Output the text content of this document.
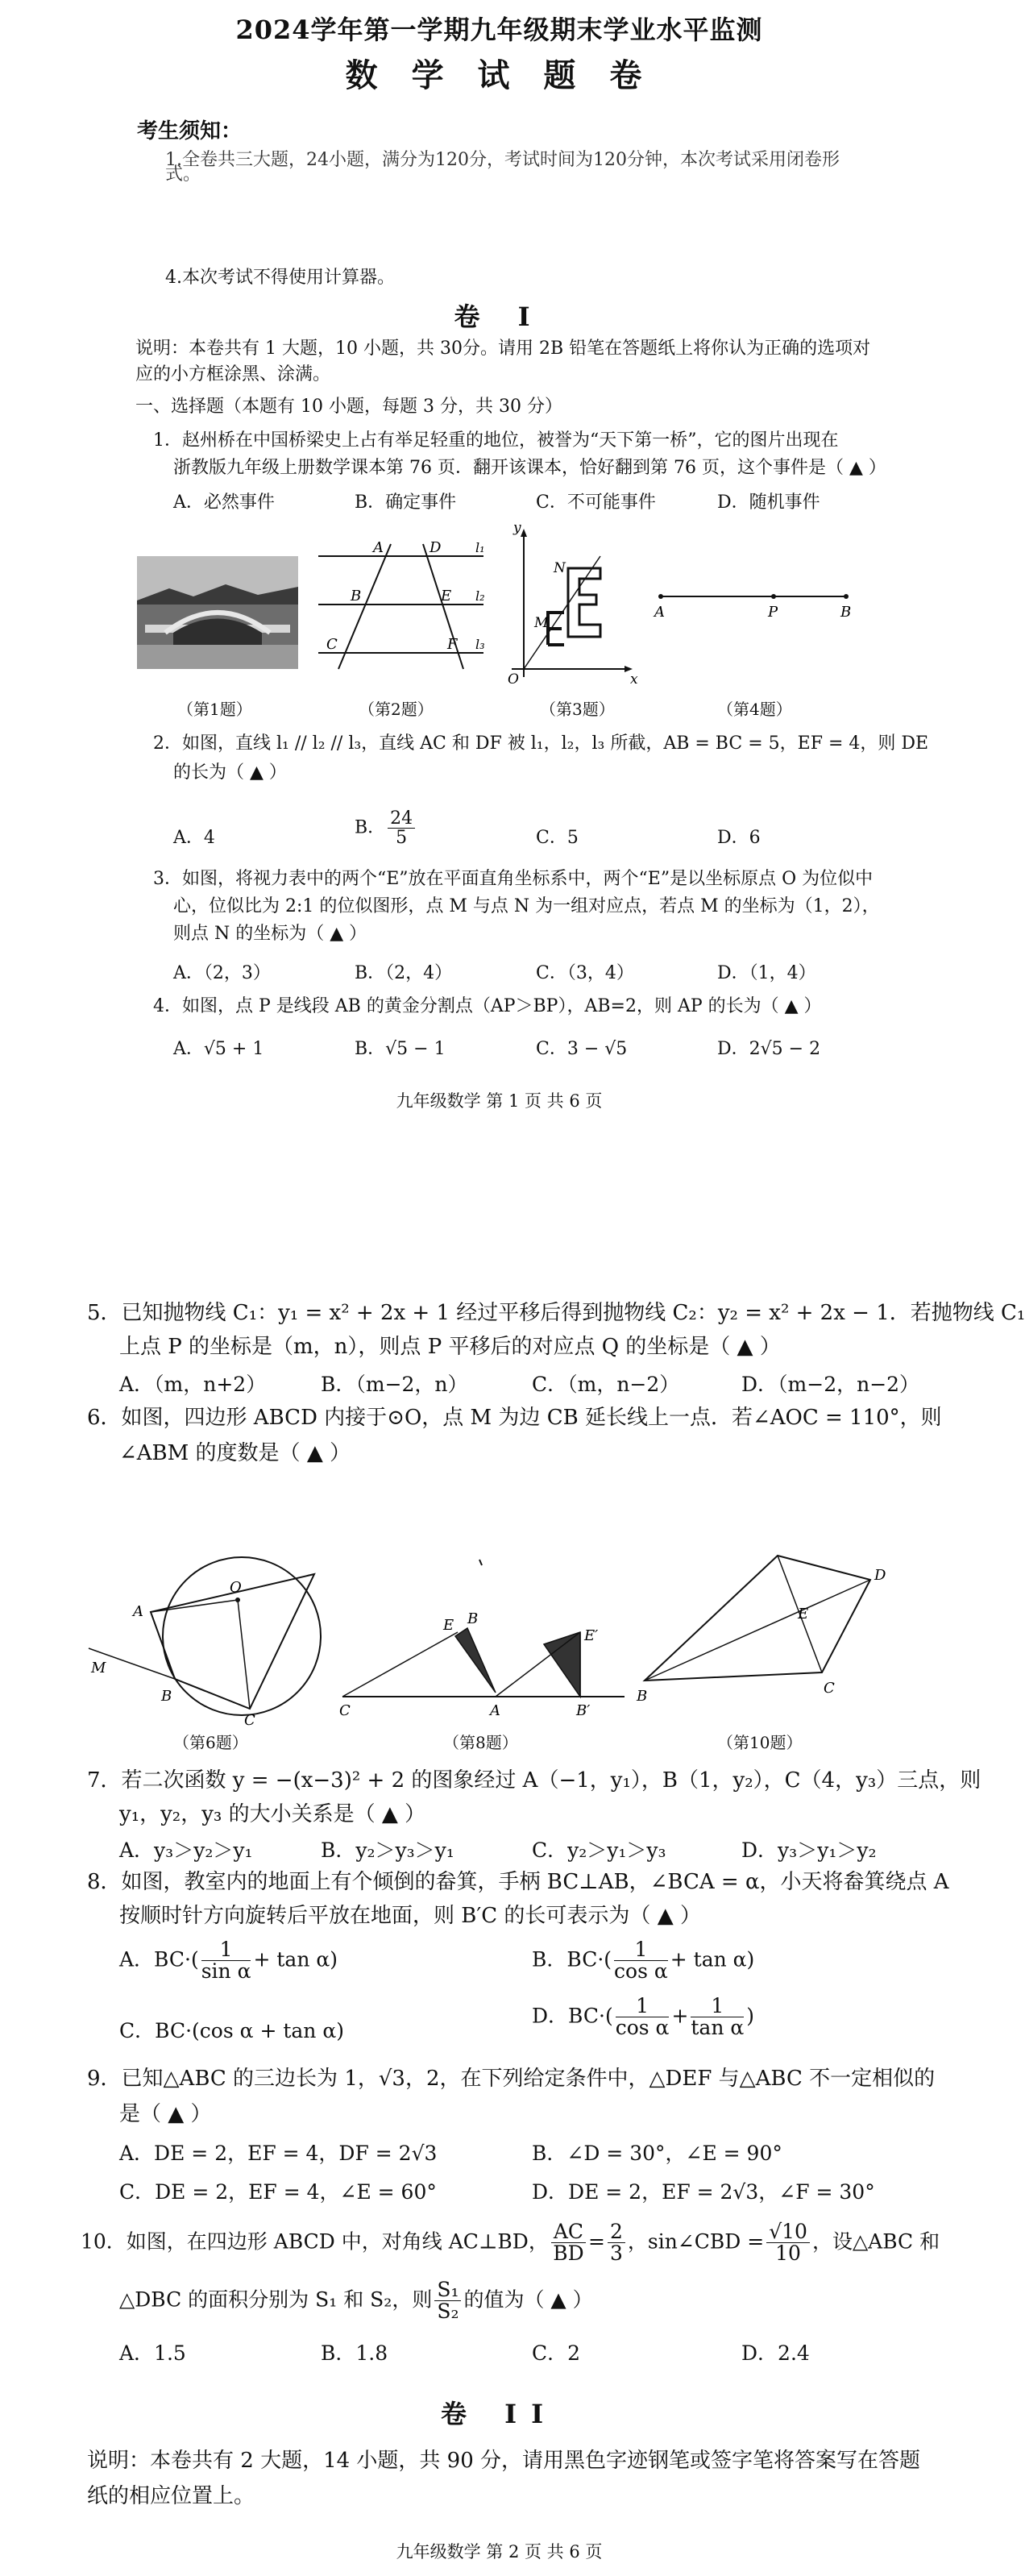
2024学年第一学期九年级期末学业水平监测
数 学 试 题 卷
考生须知：
1.全卷共三大题，24小题，满分为120分，考试时间为120分钟，本次考试采用闭卷形式。
4.本次考试不得使用计算器。
卷 I
说明：本卷共有 1 大题，10 小题，共 30分。请用 2B 铅笔在答题纸上将你认为正确的选项对
应的小方框涂黑、涂满。
一、选择题（本题有 10 小题，每题 3 分，共 30 分）
1．赵州桥在中国桥梁史上占有举足轻重的地位，被誉为“天下第一桥”，它的图片出现在
浙教版九年级上册数学课本第 76 页．翻开该课本，恰好翻到第 76 页，这个事件是（ ▲ ）
A．必然事件	B．确定事件	C．不可能事件	D．随机事件
A	D
B	E
C	F
l₁
l₂
l₃
y
x
O
M
N
A	P	B
（第1题）	（第2题）	（第3题）	（第4题）
2．如图，直线 l₁ // l₂ // l₃，直线 AC 和 DF 被 l₁，l₂，l₃ 所截，AB = BC = 5，EF = 4，则 DE
的长为（ ▲ ）
A．4	B． $\frac{24}{5}$	C．5	D．6
3．如图，将视力表中的两个“E”放在平面直角坐标系中，两个“E”是以坐标原点 O 为位似中
心，位似比为 2:1 的位似图形，点 M 与点 N 为一组对应点，若点 M 的坐标为（1，2），
则点 N 的坐标为（ ▲ ）
A．（2，3）	B．（2，4）	C．（3，4）	D．（1，4）
4．如图，点 P 是线段 AB 的黄金分割点（AP＞BP），AB=2，则 AP 的长为（ ▲ ）
A．√5 + 1	B．√5 − 1	C．3 − √5	D．2√5 − 2
九年级数学 第 1 页 共 6 页
5．已知抛物线 C₁：y₁ = x² + 2x + 1 经过平移后得到抛物线 C₂：y₂ = x² + 2x − 1．若抛物线 C₁
上点 P 的坐标是（m，n），则点 P 平移后的对应点 Q 的坐标是（ ▲ ）
A．（m，n+2）	B．（m−2，n）	C．（m，n−2）	D．（m−2，n−2）
6．如图，四边形 ABCD 内接于⊙O，点 M 为边 CB 延长线上一点．若∠AOC = 110°，则
∠ABM 的度数是（ ▲ ）
A
O
B
C
M
C
E B
A
E′
B′
B
D
E
C
（第6题）	（第8题）	（第10题）
7．若二次函数 y = −(x−3)² + 2 的图象经过 A（−1，y₁），B（1，y₂），C（4，y₃）三点，则
y₁，y₂，y₃ 的大小关系是（ ▲ ）
A．y₃＞y₂＞y₁	B．y₂＞y₃＞y₁	C．y₂＞y₁＞y₃	D．y₃＞y₁＞y₂
8．如图，教室内的地面上有个倾倒的畚箕，手柄 BC⊥AB，∠BCA = α，小天将畚箕绕点 A
按顺时针方向旋转后平放在地面，则 B′C 的长可表示为（ ▲ ）
A．$BC\cdot( \frac{1}{\text{sin α}} + \tan \alpha)$	B．$BC\cdot( \frac{1}{\text{cos α}} + \tan \alpha)$
C．BC·(cos α + tan α)
D．$BC\cdot( \frac{1}{\text{cos α}} + \frac{1}{\text{tan α}}$ )
9．已知△ABC 的三边长为 1，√3，2，在下列给定条件中，△DEF 与△ABC 不一定相似的
是（ ▲ ）
A．DE = 2，EF = 4，DF = 2√3	B．∠D = 30°，∠E = 90°
C．DE = 2，EF = 4，∠E = 60°	D．DE = 2，EF = 2√3，∠F = 30°
10．如图，在四边形 ABCD 中，对角线 AC⊥BD， $\frac{AC}{BD} = \frac{2}{3}$ ，sin∠CBD = $\frac{√10}{10}$ ，设△ABC 和
△DBC 的面积分别为 S₁ 和 S₂，则 $\frac{\text{S₁}}{\text{S₂}}$ 的值为（ ▲ ）
A．1.5	B．1.8	C．2	D．2.4
卷 II
说明：本卷共有 2 大题，14 小题，共 90 分，请用黑色字迹钢笔或签字笔将答案写在答题
纸的相应位置上。
九年级数学 第 2 页 共 6 页
